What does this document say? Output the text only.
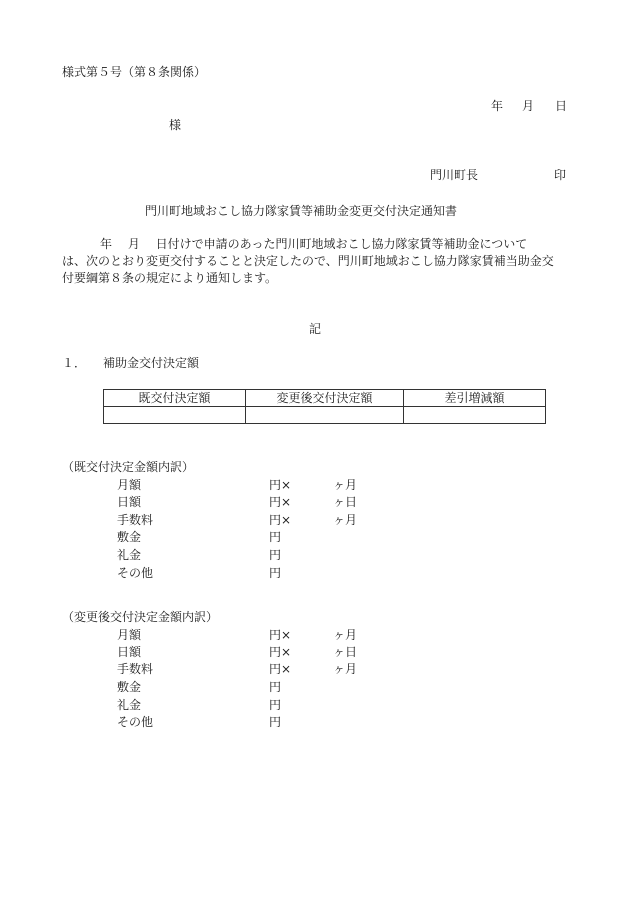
様式第５号（第８条関係）
年 月 日
様
門川町長	印
門川町地域おこし協力隊家賃等補助金変更交付決定通知書
年　 月　 日付けで申請のあった門川町地域おこし協力隊家賃等補助金について
は、次のとおり変更交付することと決定したので、門川町地域おこし協力隊家賃補当助金交
付要綱第８条の規定により通知します。
記
１． 補助金交付決定額
既交付決定額	変更後交付決定額	差引増減額

（既交付決定金額内訳）
月額	円×	ヶ月
日額	円×	ヶ日
手数料	円×	ヶ月
敷金	円
礼金	円
その他	円
（変更後交付決定金額内訳）
月額	円×	ヶ月
日額	円×	ヶ日
手数料	円×	ヶ月
敷金	円
礼金	円
その他	円
